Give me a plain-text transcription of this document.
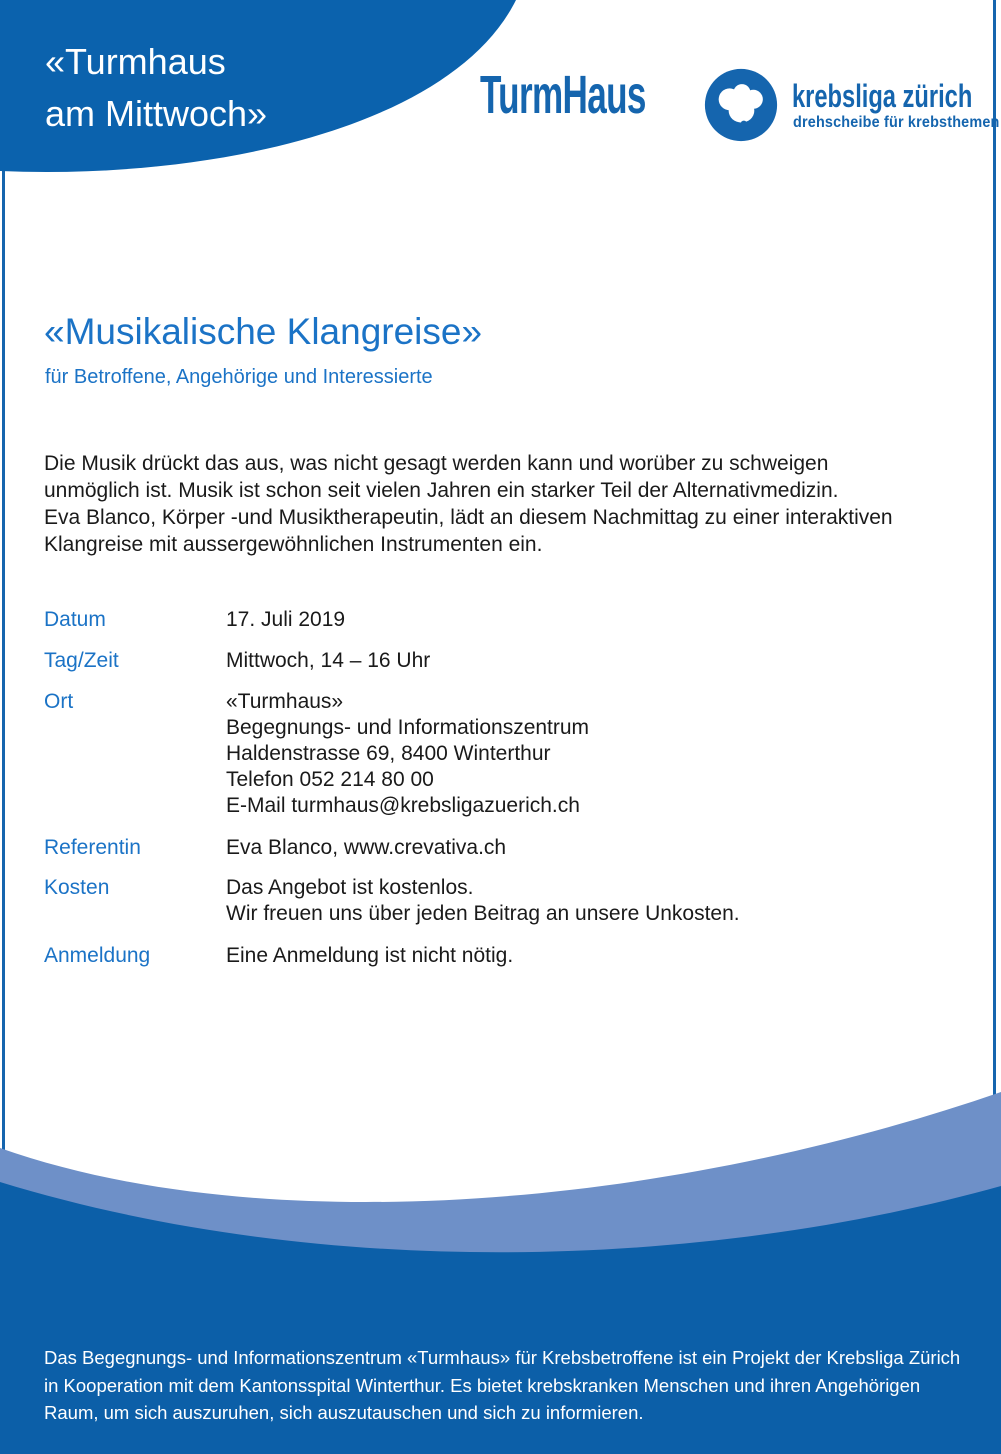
«Turmhaus
am Mittwoch»	TurmHaus	krebsliga zürich
drehscheibe für krebsthemen
«Musikalische Klangreise»
für Betroffene, Angehörige und Interessierte
Die Musik drückt das aus, was nicht gesagt werden kann und worüber zu schweigen
unmöglich ist. Musik ist schon seit vielen Jahren ein starker Teil der Alternativmedizin.
Eva Blanco, Körper -und Musiktherapeutin, lädt an diesem Nachmittag zu einer interaktiven
Klangreise mit aussergewöhnlichen Instrumenten ein.
Datum	17. Juli 2019
Tag/Zeit	Mittwoch, 14 – 16 Uhr
Ort	«Turmhaus»
Begegnungs- und Informationszentrum
Haldenstrasse 69, 8400 Winterthur
Telefon 052 214 80 00
E-Mail turmhaus@krebsligazuerich.ch
Referentin	Eva Blanco, www.crevativa.ch
Kosten	Das Angebot ist kostenlos.
Wir freuen uns über jeden Beitrag an unsere Unkosten.
Anmeldung	Eine Anmeldung ist nicht nötig.
Das Begegnungs- und Informationszentrum «Turmhaus» für Krebsbetroffene ist ein Projekt der Krebsliga Zürich
in Kooperation mit dem Kantonsspital Winterthur. Es bietet krebskranken Menschen und ihren Angehörigen
Raum, um sich auszuruhen, sich auszutauschen und sich zu informieren.
